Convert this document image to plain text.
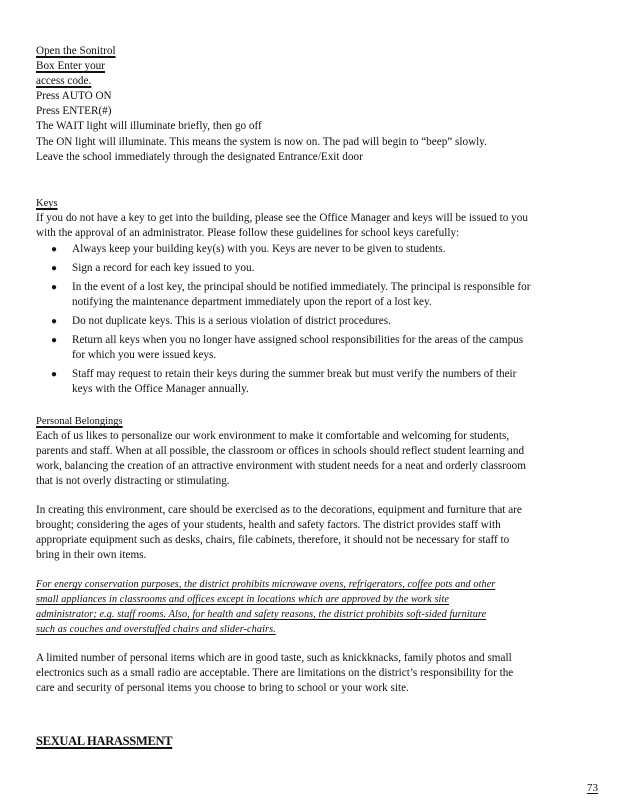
Open the Sonitrol
Box Enter your
access code.
Press AUTO ON
Press ENTER(#)
The WAIT light will illuminate briefly, then go off
The ON light will illuminate. This means the system is now on. The pad will begin to “beep” slowly.
Leave the school immediately through the designated Entrance/Exit door
Keys
If you do not have a key to get into the building, please see the Office Manager and keys will be issued to you
with the approval of an administrator. Please follow these guidelines for school keys carefully:
● Always keep your building key(s) with you. Keys are never to be given to students.
● Sign a record for each key issued to you.
● In the event of a lost key, the principal should be notified immediately. The principal is responsible for
notifying the maintenance department immediately upon the report of a lost key.
● Do not duplicate keys. This is a serious violation of district procedures.
● Return all keys when you no longer have assigned school responsibilities for the areas of the campus
for which you were issued keys.
● Staff may request to retain their keys during the summer break but must verify the numbers of their
keys with the Office Manager annually.
Personal Belongings
Each of us likes to personalize our work environment to make it comfortable and welcoming for students,
parents and staff. When at all possible, the classroom or offices in schools should reflect student learning and
work, balancing the creation of an attractive environment with student needs for a neat and orderly classroom
that is not overly distracting or stimulating.
In creating this environment, care should be exercised as to the decorations, equipment and furniture that are
brought; considering the ages of your students, health and safety factors. The district provides staff with
appropriate equipment such as desks, chairs, file cabinets, therefore, it should not be necessary for staff to
bring in their own items.
For energy conservation purposes, the district prohibits microwave ovens, refrigerators, coffee pots and other
small appliances in classrooms and offices except in locations which are approved by the work site
administrator; e.g. staff rooms. Also, for health and safety reasons, the district prohibits soft-sided furniture
such as couches and overstuffed chairs and slider-chairs.
A limited number of personal items which are in good taste, such as knickknacks, family photos and small
electronics such as a small radio are acceptable. There are limitations on the district’s responsibility for the
care and security of personal items you choose to bring to school or your work site.
SEXUAL HARASSMENT
73
